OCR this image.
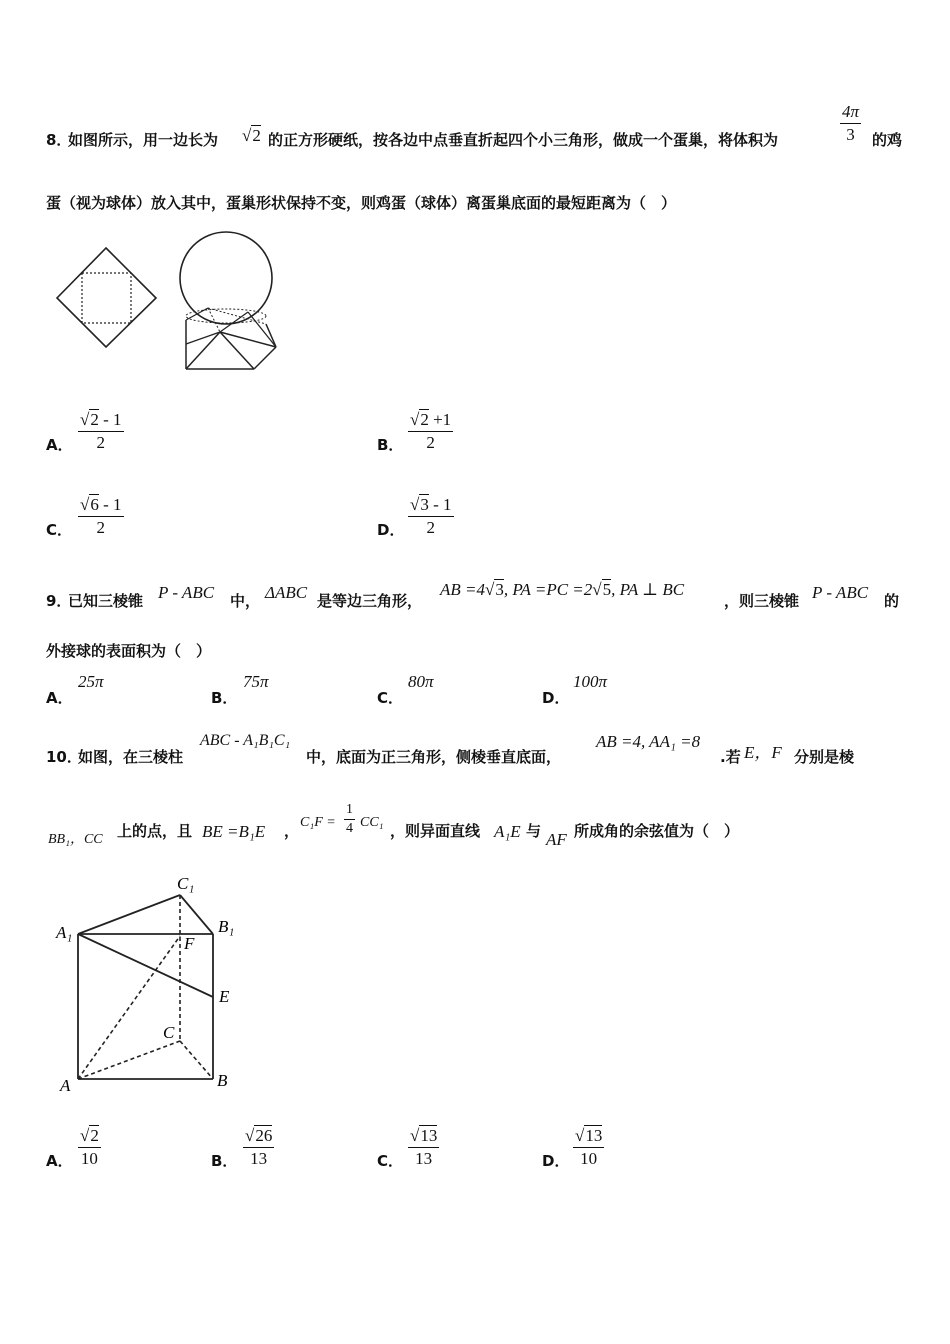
8．
如图所示，用一边长为 √2 的正方形硬纸，按各边中点垂直折起四个小三角形，做成一个蛋巢，将体积为
4π
3	的鸡
蛋（视为球体）放入其中，蛋巢形状保持不变，则鸡蛋（球体）离蛋巢底面的最短距离为（　）
A．
√2 - 1
2	B．
√2 +1
2
C．
√6 - 1
2	D．
√3 - 1
2
9．
已知三棱锥 P - ABC 中， ΔABC 是等边三角形，
AB =4√3, PA =PC =2√5, PA ⊥ BC
，则三棱锥 P - ABC 的
外接球的表面积为（　）
A．
25π
B．
75π
C．
80π
D．
100π
10．
如图，在三棱柱
ABC - A₁B₁C₁
中，底面为正三角形，侧棱垂直底面，
AB =4, AA₁ =8
.若 E，F 分别是棱
BB₁，CC 上的点，且 BE =B₁E ， C₁F =
1
4 CC₁ ，则异面直线 A₁E 与 AF 所成角的余弦值为（　）
C₁
A₁	B₁
F
E
C
A	B
A．
√2
10	B．
√26
13	C．
√13
13	D．
√13
10
